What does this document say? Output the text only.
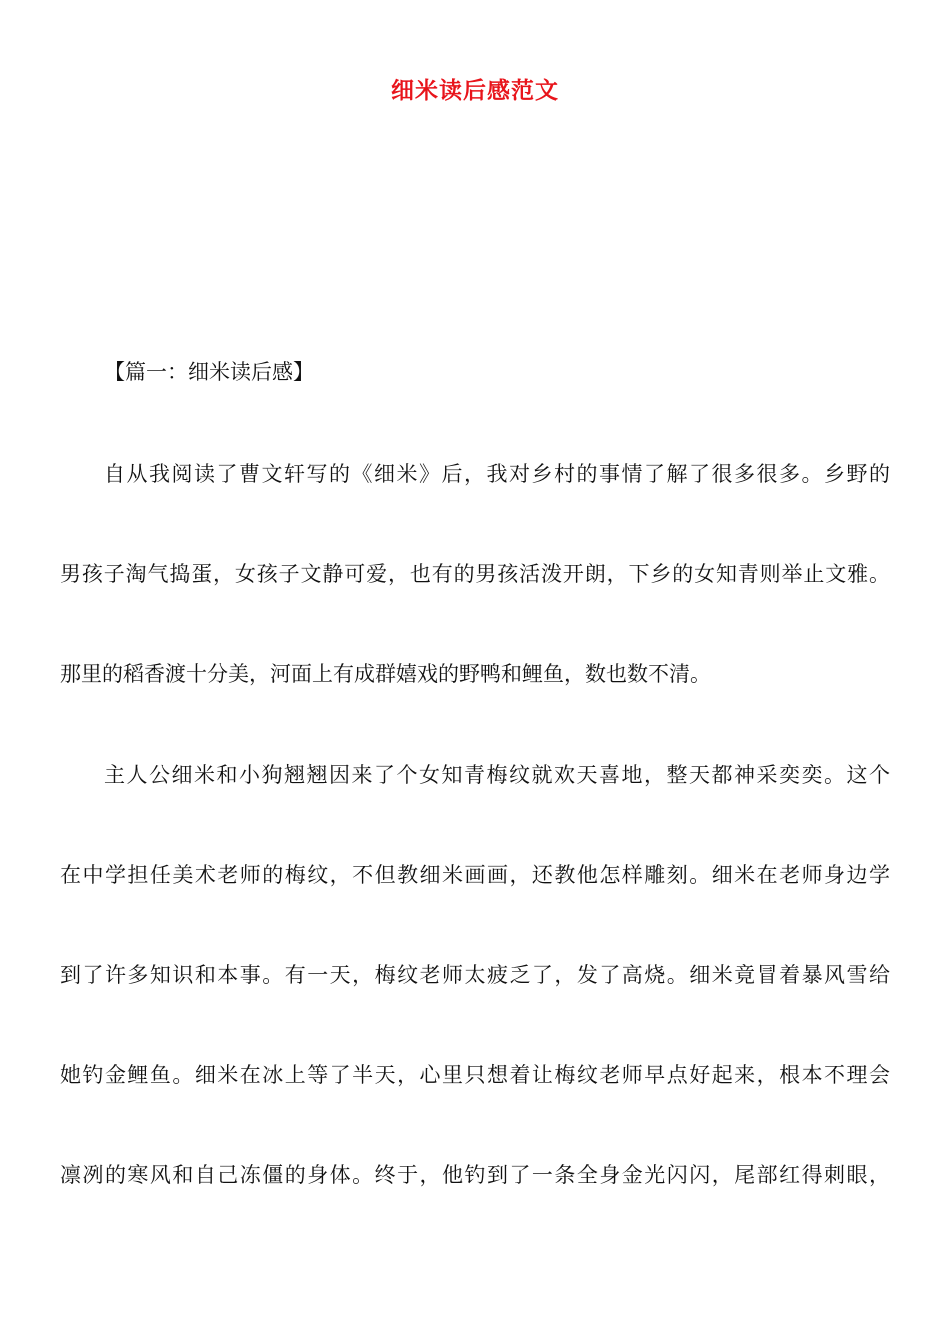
细米读后感范文
【篇一：细米读后感】
自从我阅读了曹文轩写的《细米》后，我对乡村的事情了解了很多很多。乡野的
男孩子淘气捣蛋，女孩子文静可爱，也有的男孩活泼开朗，下乡的女知青则举止文雅。
那里的稻香渡十分美，河面上有成群嬉戏的野鸭和鲤鱼，数也数不清。
主人公细米和小狗翘翘因来了个女知青梅纹就欢天喜地，整天都神采奕奕。这个
在中学担任美术老师的梅纹，不但教细米画画，还教他怎样雕刻。细米在老师身边学
到了许多知识和本事。有一天，梅纹老师太疲乏了，发了高烧。细米竟冒着暴风雪给
她钓金鲤鱼。细米在冰上等了半天，心里只想着让梅纹老师早点好起来，根本不理会
凛冽的寒风和自己冻僵的身体。终于，他钓到了一条全身金光闪闪，尾部红得刺眼，
